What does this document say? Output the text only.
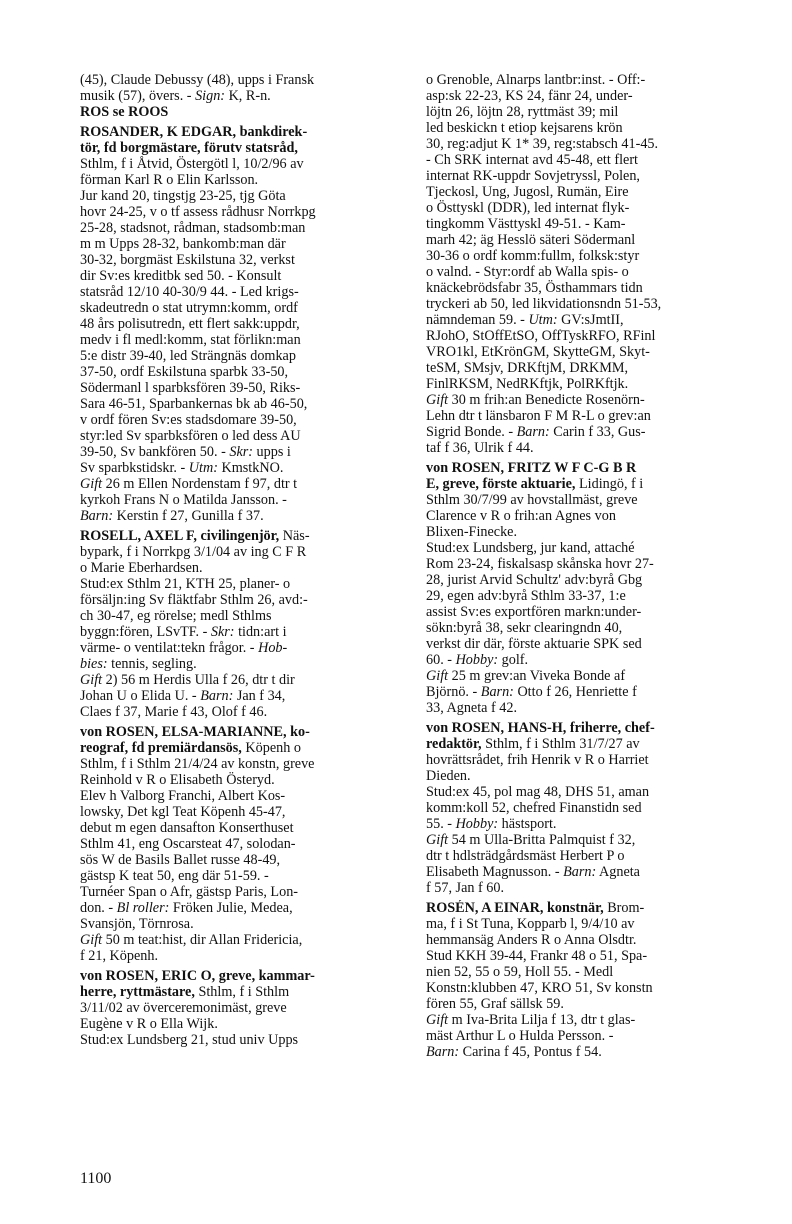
(45), Claude Debussy (48), upps i Fransk
musik (57), övers. - Sign: K, R-n.
ROS se ROOS
ROSANDER, K EDGAR, bankdirek-
tör, fd borgmästare, förutv statsråd,
Sthlm, f i Åtvid, Östergötl l, 10/2/96 av
förman Karl R o Elin Karlsson.
Jur kand 20, tingstjg 23-25, tjg Göta
hovr 24-25, v o tf assess rådhusr Norrkpg
25-28, stadsnot, rådman, stadsomb:man
m m Upps 28-32, bankomb:man där
30-32, borgmäst Eskilstuna 32, verkst
dir Sv:es kreditbk sed 50. - Konsult
statsråd 12/10 40-30/9 44. - Led krigs-
skadeutredn o stat utrymn:komm, ordf
48 års polisutredn, ett flert sakk:uppdr,
medv i fl medl:komm, stat förlikn:man
5:e distr 39-40, led Strängnäs domkap
37-50, ordf Eskilstuna sparbk 33-50,
Södermanl l sparbksfören 39-50, Riks-
Sara 46-51, Sparbankernas bk ab 46-50,
v ordf fören Sv:es stadsdomare 39-50,
styr:led Sv sparbksfören o led dess AU
39-50, Sv bankfören 50. - Skr: upps i
Sv sparbkstidskr. - Utm: KmstkNO.
Gift 26 m Ellen Nordenstam f 97, dtr t
kyrkoh Frans N o Matilda Jansson. -
Barn: Kerstin f 27, Gunilla f 37.
ROSELL, AXEL F, civilingenjör, Näs-
bypark, f i Norrkpg 3/1/04 av ing C F R
o Marie Eberhardsen.
Stud:ex Sthlm 21, KTH 25, planer- o
försäljn:ing Sv fläktfabr Sthlm 26, avd:-
ch 30-47, eg rörelse; medl Sthlms
byggn:fören, LSvTF. - Skr: tidn:art i
värme- o ventilat:tekn frågor. - Hob-
bies: tennis, segling.
Gift 2) 56 m Herdis Ulla f 26, dtr t dir
Johan U o Elida U. - Barn: Jan f 34,
Claes f 37, Marie f 43, Olof f 46.
von ROSEN, ELSA-MARIANNE, ko-
reograf, fd premiärdansös, Köpenh o
Sthlm, f i Sthlm 21/4/24 av konstn, greve
Reinhold v R o Elisabeth Österyd.
Elev h Valborg Franchi, Albert Kos-
lowsky, Det kgl Teat Köpenh 45-47,
debut m egen dansafton Konserthuset
Sthlm 41, eng Oscarsteat 47, solodan-
sös W de Basils Ballet russe 48-49,
gästsp K teat 50, eng där 51-59. -
Turnéer Span o Afr, gästsp Paris, Lon-
don. - Bl roller: Fröken Julie, Medea,
Svansjön, Törnrosa.
Gift 50 m teat:hist, dir Allan Fridericia,
f 21, Köpenh.
von ROSEN, ERIC O, greve, kammar-
herre, ryttmästare, Sthlm, f i Sthlm
3/11/02 av överceremonimäst, greve
Eugène v R o Ella Wijk.
Stud:ex Lundsberg 21, stud univ Upps
o Grenoble, Alnarps lantbr:inst. - Off:-
asp:sk 22-23, KS 24, fänr 24, under-
löjtn 26, löjtn 28, ryttmäst 39; mil
led beskickn t etiop kejsarens krön
30, reg:adjut K 1* 39, reg:stabsch 41-45.
- Ch SRK internat avd 45-48, ett flert
internat RK-uppdr Sovjetryssl, Polen,
Tjeckosl, Ung, Jugosl, Rumän, Eire
o Östtyskl (DDR), led internat flyk-
tingkomm Västtyskl 49-51. - Kam-
marh 42; äg Hesslö säteri Södermanl
30-36 o ordf komm:fullm, folksk:styr
o valnd. - Styr:ordf ab Walla spis- o
knäckebrödsfabr 35, Östhammars tidn
tryckeri ab 50, led likvidationsndn 51-53,
nämndeman 59. - Utm: GV:sJmtII,
RJohO, StOffEtSO, OffTyskRFO, RFinl
VRO1kl, EtKrönGM, SkytteGM, Skyt-
teSM, SMsjv, DRKftjM, DRKMM,
FinlRKSM, NedRKftjk, PolRKftjk.
Gift 30 m frih:an Benedicte Rosenörn-
Lehn dtr t länsbaron F M R-L o grev:an
Sigrid Bonde. - Barn: Carin f 33, Gus-
taf f 36, Ulrik f 44.
von ROSEN, FRITZ W F C-G B R
E, greve, förste aktuarie, Lidingö, f i
Sthlm 30/7/99 av hovstallmäst, greve
Clarence v R o frih:an Agnes von
Blixen-Finecke.
Stud:ex Lundsberg, jur kand, attaché
Rom 23-24, fiskalsasp skånska hovr 27-
28, jurist Arvid Schultz' adv:byrå Gbg
29, egen adv:byrå Sthlm 33-37, 1:e
assist Sv:es exportfören markn:under-
sökn:byrå 38, sekr clearingndn 40,
verkst dir där, förste aktuarie SPK sed
60. - Hobby: golf.
Gift 25 m grev:an Viveka Bonde af
Björnö. - Barn: Otto f 26, Henriette f
33, Agneta f 42.
von ROSEN, HANS-H, friherre, chef-
redaktör, Sthlm, f i Sthlm 31/7/27 av
hovrättsrådet, frih Henrik v R o Harriet
Dieden.
Stud:ex 45, pol mag 48, DHS 51, aman
komm:koll 52, chefred Finanstidn sed
55. - Hobby: hästsport.
Gift 54 m Ulla-Britta Palmquist f 32,
dtr t hdlsträdgårdsmäst Herbert P o
Elisabeth Magnusson. - Barn: Agneta
f 57, Jan f 60.
ROSÉN, A EINAR, konstnär, Brom-
ma, f i St Tuna, Kopparb l, 9/4/10 av
hemmansäg Anders R o Anna Olsdtr.
Stud KKH 39-44, Frankr 48 o 51, Spa-
nien 52, 55 o 59, Holl 55. - Medl
Konstn:klubben 47, KRO 51, Sv konstn
fören 55, Graf sällsk 59.
Gift m Iva-Brita Lilja f 13, dtr t glas-
mäst Arthur L o Hulda Persson. -
Barn: Carina f 45, Pontus f 54.
1100
